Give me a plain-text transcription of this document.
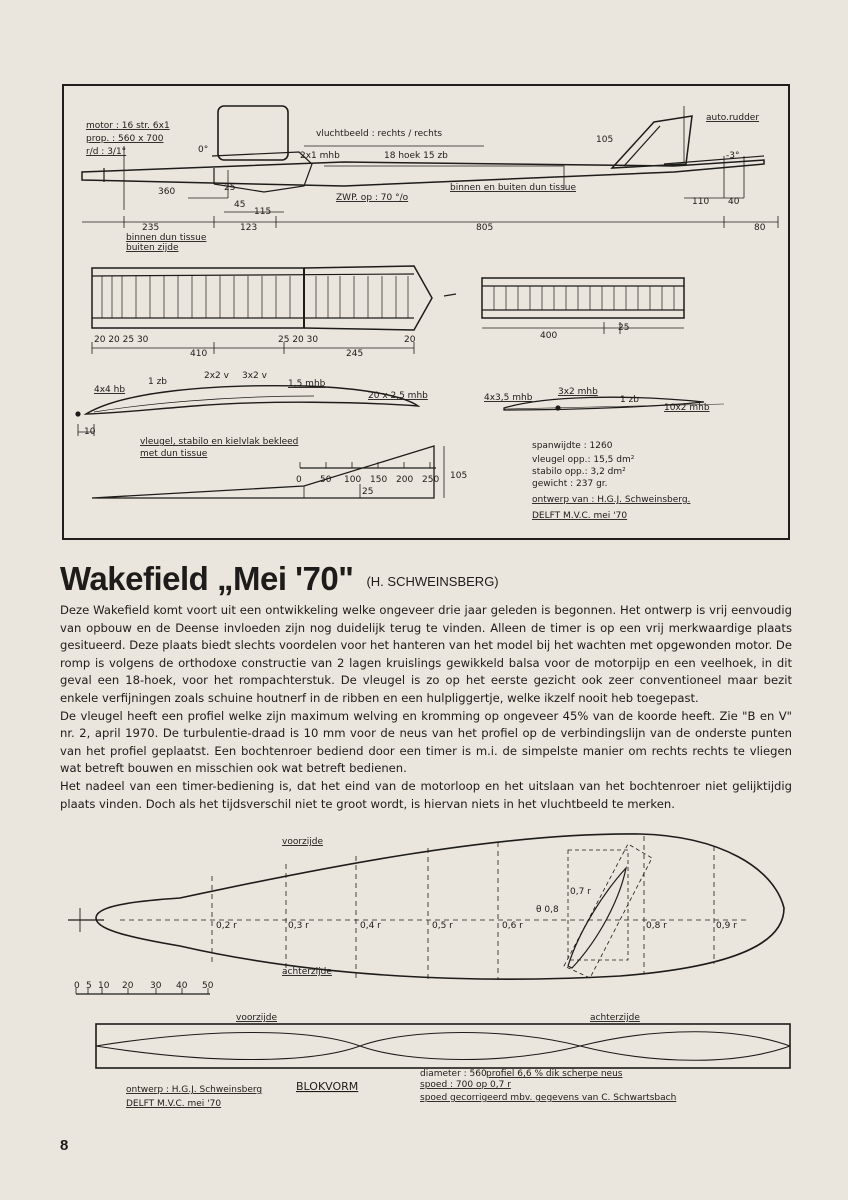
motor : 16 str. 6x1
prop. : 560 x 700
r/d : 3/1°	0°
vluchtbeeld : rechts / rechts
2x1 mhb	18 hoek 15 zb
auto.rudder
-3°
105
360	25
45
115
ZWP. op : 70 °/o
binnen en buiten dun tissue
110 40
235	123	805	80
binnen dun tissue
buiten zijde
20 20 25 30
410
25 20 30
245
20	400
25
4x4 hb
1 zb
2x2 v 3x2 v
1,5 mhb
20 x 2,5 mhb
10
vleugel, stabilo en kielvlak bekleed
met dun tissue
105
25
0 50 100 150 200 250
4x3,5 mhb
3x2 mhb
1 zb
10x2 mhb
spanwijdte : 1260
vleugel opp.: 15,5 dm²
stabilo opp.: 3,2 dm²
gewicht : 237 gr.
ontwerp van : H.G.J. Schweinsberg.
DELFT M.V.C. mei '70
Wakefield „Mei '70" (H. SCHWEINSBERG)

Deze Wakefield komt voort uit een ontwikkeling welke ongeveer drie jaar geleden is begonnen. Het ontwerp is vrij eenvoudig van opbouw en de Deense invloeden zijn nog duidelijk terug te vinden. Alleen de timer is op een vrij merkwaardige plaats gesitueerd. Deze plaats biedt slechts voordelen voor het hanteren van het model bij het wachten met opgewonden motor. De romp is volgens de orthodoxe constructie van 2 lagen kruislings gewikkeld balsa voor de motorpijp en een veelhoek, in dit geval een 18-hoek, voor het rompachterstuk. De vleugel is zo op het eerste gezicht ook zeer conventioneel maar bezit enkele verfijningen zoals schuine houtnerf in de ribben en een hulpliggertje, welke ikzelf nooit heb toegepast.

De vleugel heeft een profiel welke zijn maximum welving en kromming op ongeveer 45% van de koorde heeft. Zie "B en V" nr. 2, april 1970. De turbulentie-draad is 10 mm voor de neus van het profiel op de verbindingslijn van de onderste punten van het profiel geplaatst. Een bochtenroer bediend door een timer is m.i. de simpelste manier om rechts rechts te vliegen wat betreft bouwen en misschien ook wat betreft bedienen.

Het nadeel van een timer-bediening is, dat het eind van de motorloop en het uitslaan van het bochtenroer niet gelijktijdig plaats vinden. Doch als het tijdsverschil niet te groot wordt, is hiervan niets in het vluchtbeeld te merken.

voorzijde
achterzijde
0,2 r	0,3 r	0,4 r	0,5 r	0,6 r
0,7 r
0,8 r	0,9 r
θ 0,8
0 5 10 20 30 40 50
voorzijde	achterzijde
ontwerp : H.G.J. Schweinsberg
DELFT M.V.C. mei '70
BLOKVORM
diameter : 560 profiel 6,6 % dik scherpe neus
spoed : 700 op 0,7 r
spoed gecorrigeerd mbv. gegevens van C. Schwartsbach
8
